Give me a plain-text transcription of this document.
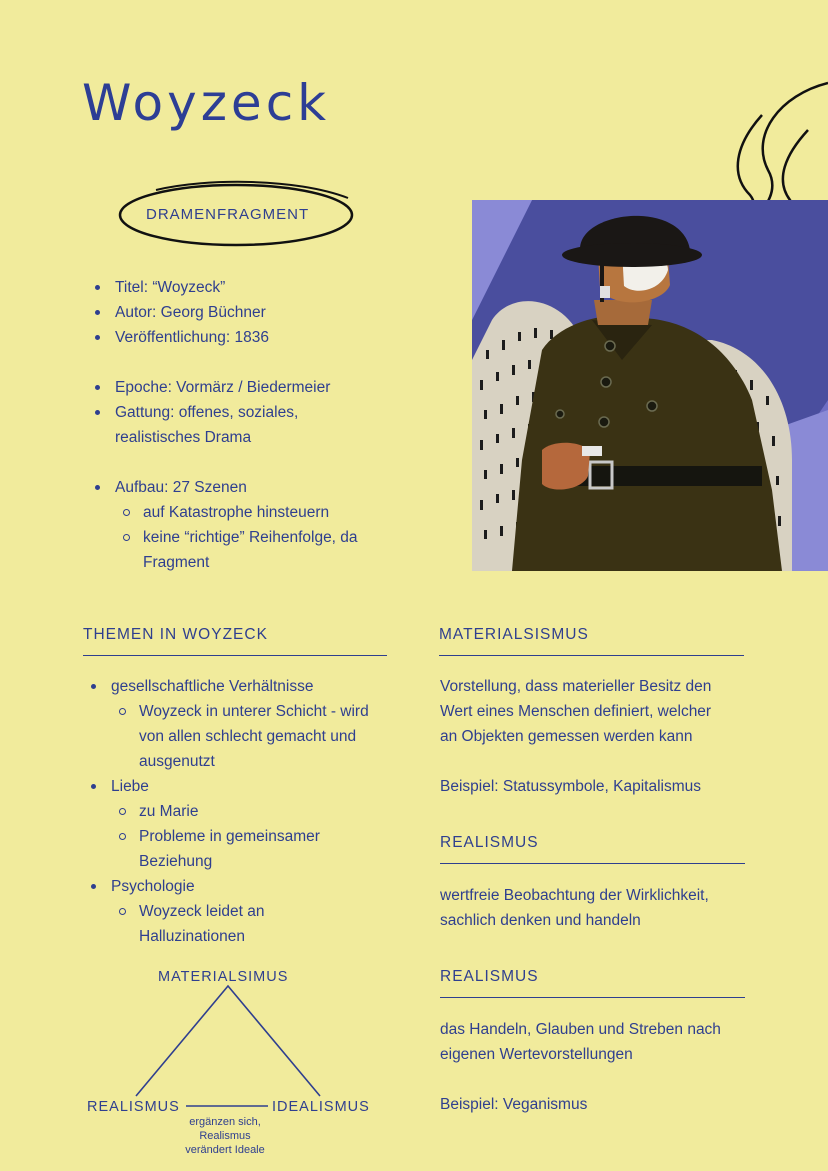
Woyzeck
DRAMENFRAGMENT
Titel: “Woyzeck”
Autor: Georg Büchner
Veröffentlichung: 1836
Epoche: Vormärz / Biedermeier
Gattung: offenes, soziales,
realistisches Drama
Aufbau: 27 Szenen
auf Katastrophe hinsteuern
keine “richtige” Reihenfolge, da
Fragment
THEMEN IN WOYZECK
gesellschaftliche Verhältnisse
Woyzeck in unterer Schicht - wird
von allen schlecht gemacht und
ausgenutzt
Liebe
zu Marie
Probleme in gemeinsamer
Beziehung
Psychologie
Woyzeck leidet an
Halluzinationen
MATERIALSIMUS
REALISMUS	IDEALISMUS
ergänzen sich,
Realismus
verändert Ideale
MATERIALSISMUS
Vorstellung, dass materieller Besitz den
Wert eines Menschen definiert, welcher
an Objekten gemessen werden kann
Beispiel: Statussymbole, Kapitalismus
REALISMUS
wertfreie Beobachtung der Wirklichkeit,
sachlich denken und handeln
REALISMUS
das Handeln, Glauben und Streben nach
eigenen Wertevorstellungen
Beispiel: Veganismus
